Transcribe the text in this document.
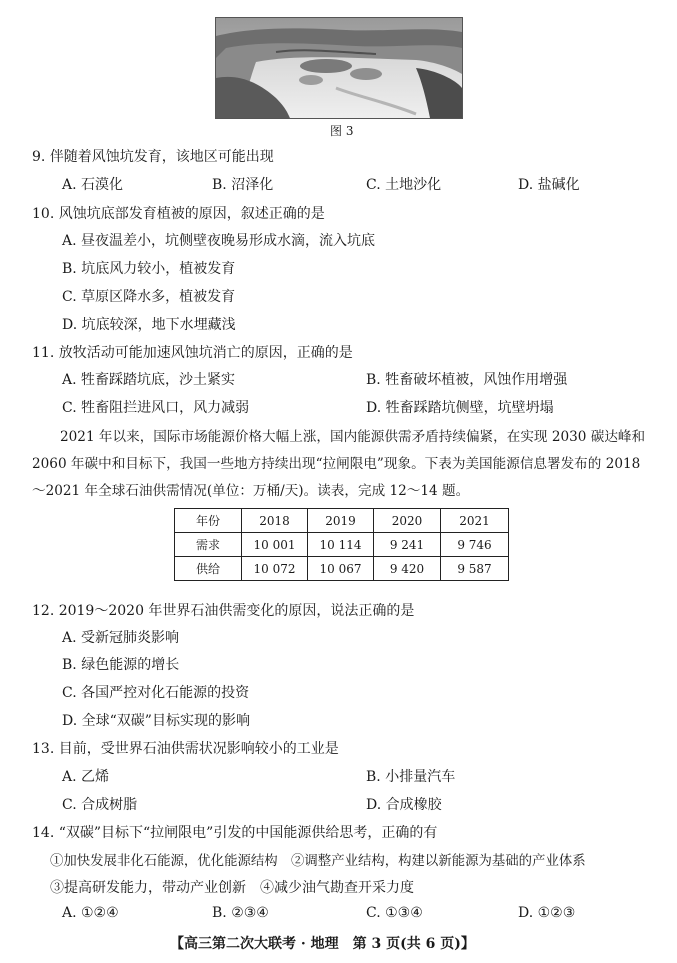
图 3
9. 伴随着风蚀坑发育，该地区可能出现
A. 石漠化	B. 沼泽化	C. 土地沙化	D. 盐碱化
10. 风蚀坑底部发育植被的原因，叙述正确的是
A. 昼夜温差小，坑侧壁夜晚易形成水滴，流入坑底
B. 坑底风力较小，植被发育
C. 草原区降水多，植被发育
D. 坑底较深，地下水埋藏浅
11. 放牧活动可能加速风蚀坑消亡的原因，正确的是
A. 牲畜踩踏坑底，沙土紧实	B. 牲畜破坏植被，风蚀作用增强
C. 牲畜阻拦进风口，风力减弱	D. 牲畜踩踏坑侧壁，坑壁坍塌
2021 年以来，国际市场能源价格大幅上涨，国内能源供需矛盾持续偏紧，在实现 2030 碳达峰和 2060 年碳中和目标下，我国一些地方持续出现“拉闸限电”现象。下表为美国能源信息署发布的 2018～2021 年全球石油供需情况(单位：万桶/天)。读表，完成 12～14 题。
年份	2018	2019	2020	2021
需求	10 001	10 114	9 241	9 746
供给	10 072	10 067	9 420	9 587
12. 2019～2020 年世界石油供需变化的原因，说法正确的是
A. 受新冠肺炎影响
B. 绿色能源的增长
C. 各国严控对化石能源的投资
D. 全球“双碳”目标实现的影响
13. 目前，受世界石油供需状况影响较小的工业是
A. 乙烯	B. 小排量汽车
C. 合成树脂	D. 合成橡胶
14. “双碳”目标下“拉闸限电”引发的中国能源供给思考，正确的有
①加快发展非化石能源，优化能源结构　②调整产业结构，构建以新能源为基础的产业体系
③提高研发能力，带动产业创新　④减少油气勘查开采力度
A. ①②④	B. ②③④	C. ①③④	D. ①②③
【高三第二次大联考 · 地理　第 3 页(共 6 页)】
